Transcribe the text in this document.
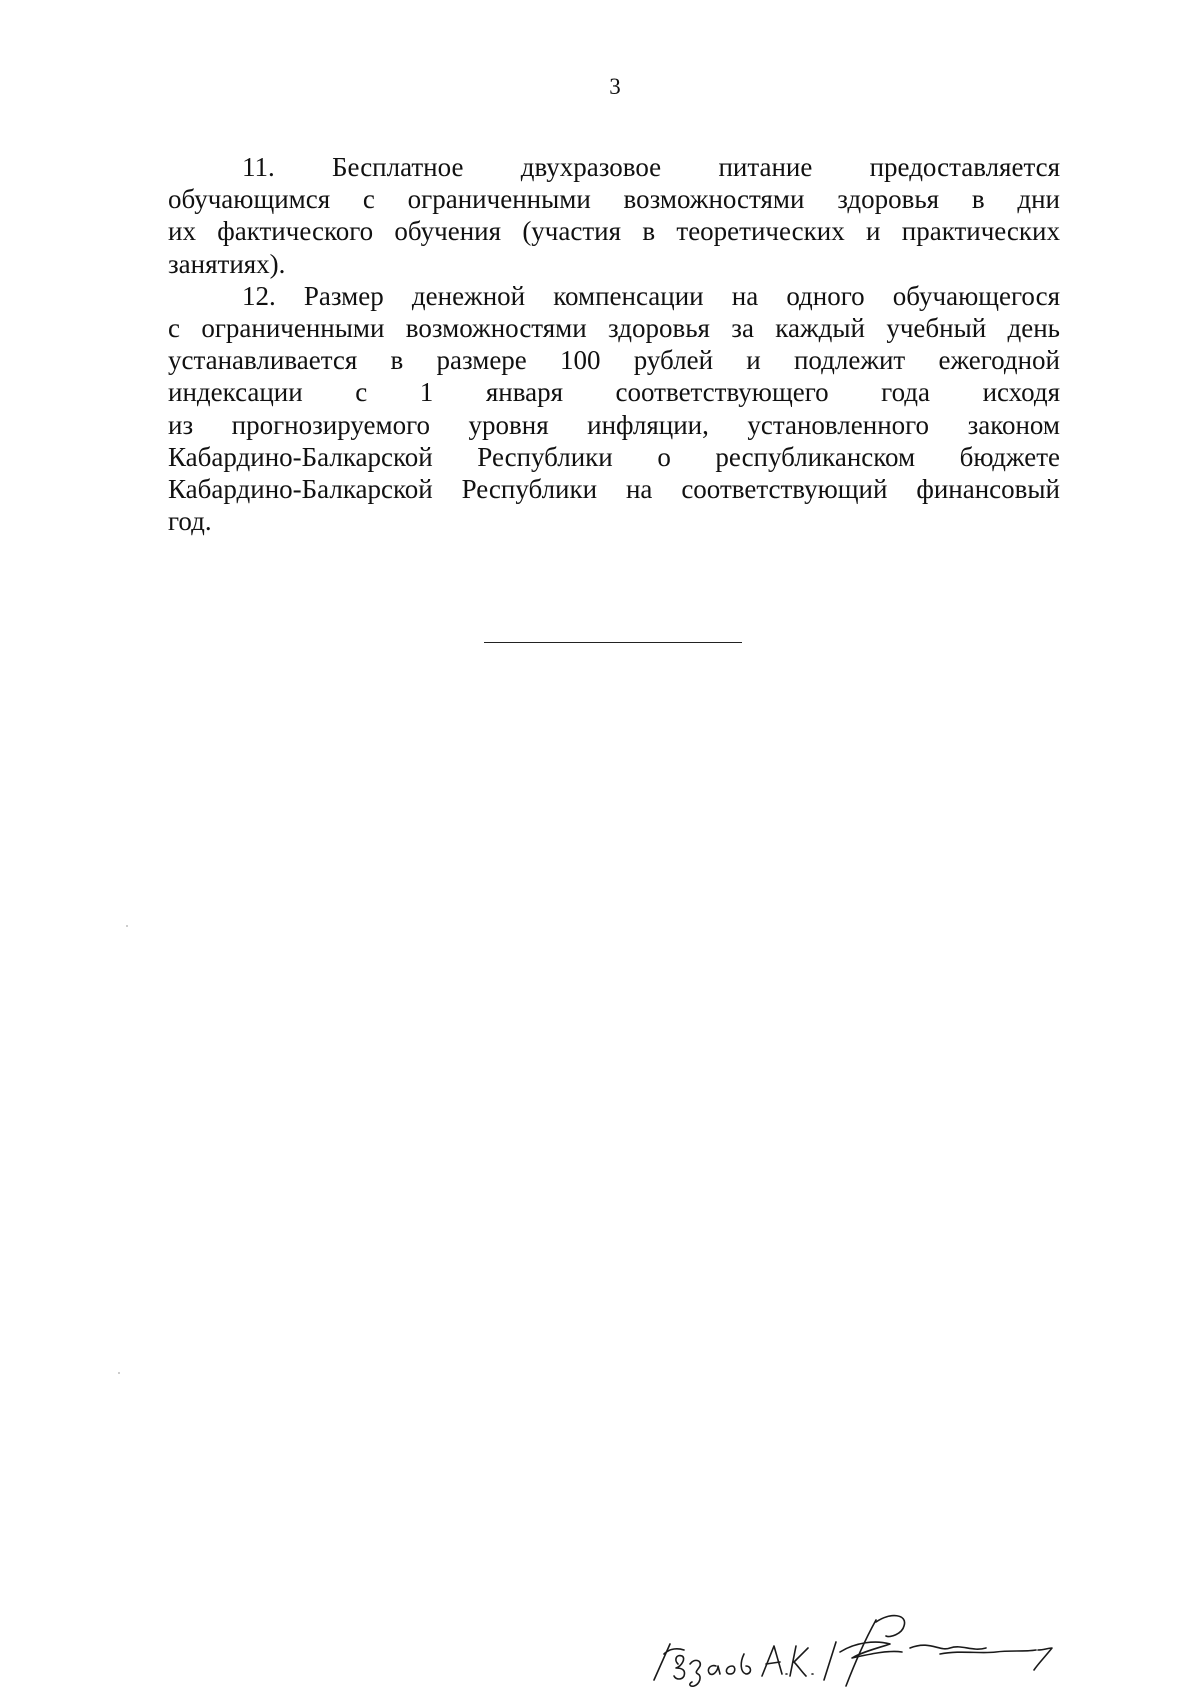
3

11. Бесплатное двухразовое питание предоставляется
обучающимся с ограниченными возможностями здоровья в дни
их фактического обучения (участия в теоретических и практических
занятиях).

12. Размер денежной компенсации на одного обучающегося
с ограниченными возможностями здоровья за каждый учебный день
устанавливается в размере 100 рублей и подлежит ежегодной
индексации с 1 января соответствующего года исходя
из прогнозируемого уровня инфляции, установленного законом
Кабардино-Балкарской Республики о республиканском бюджете
Кабардино-Балкарской Республики на соответствующий финансовый
год.
